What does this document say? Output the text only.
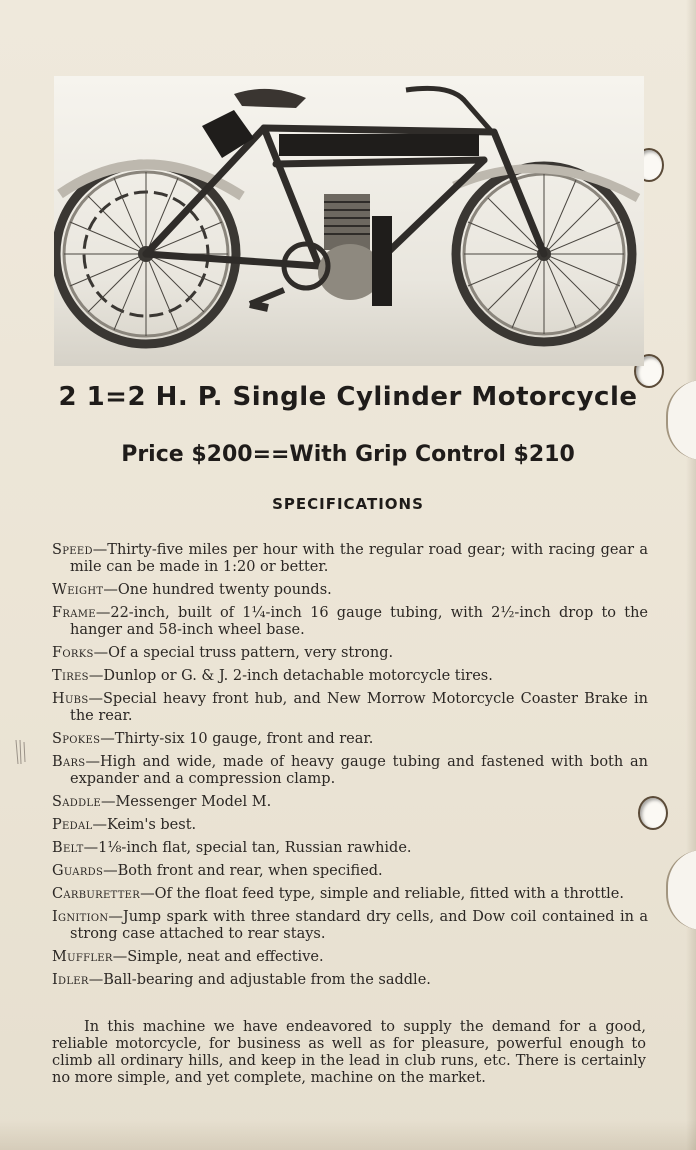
2 1=2 H. P. Single Cylinder Motorcycle
Price $200==With Grip Control $210
SPECIFICATIONS

Speed—Thirty-five miles per hour with the regular road gear; with racing gear a mile can be made in 1:20 or better.

Weight—One hundred twenty pounds.

Frame—22-inch, built of 1¼-inch 16 gauge tubing, with 2½-inch drop to the hanger and 58-inch wheel base.

Forks—Of a special truss pattern, very strong.

Tires—Dunlop or G. & J. 2-inch detachable motorcycle tires.

Hubs—Special heavy front hub, and New Morrow Motorcycle Coaster Brake in the rear.

Spokes—Thirty-six 10 gauge, front and rear.

Bars—High and wide, made of heavy gauge tubing and fastened with both an expander and a compression clamp.

Saddle—Messenger Model M.

Pedal—Keim's best.

Belt—1⅛-inch flat, special tan, Russian rawhide.

Guards—Both front and rear, when specified.

Carburetter—Of the float feed type, simple and reliable, fitted with a throttle.

Ignition—Jump spark with three standard dry cells, and Dow coil contained in a strong case attached to rear stays.

Muffler—Simple, neat and effective.

Idler—Ball-bearing and adjustable from the saddle.

In this machine we have endeavored to supply the demand for a good, reliable motorcycle, for business as well as for pleasure, powerful enough to climb all ordinary hills, and keep in the lead in club runs, etc. There is certainly no more simple, and yet complete, machine on the market.
